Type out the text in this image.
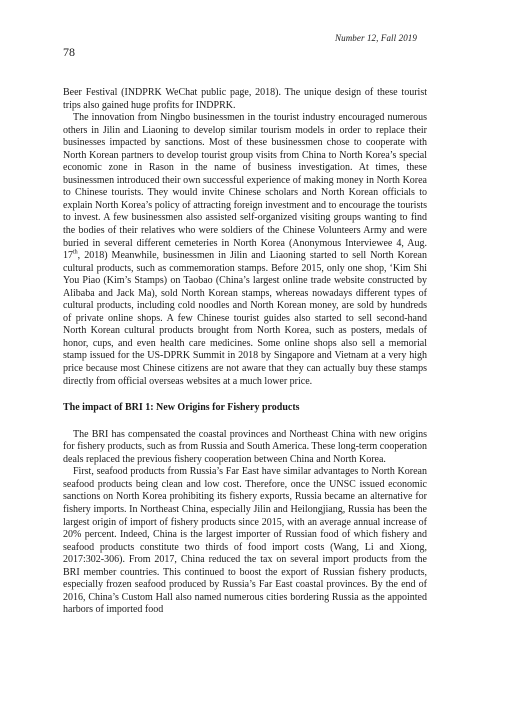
Number 12, Fall 2019
78

Beer Festival (INDPRK WeChat public page, 2018). The unique design of these tourist trips also gained huge profits for INDPRK.

The innovation from Ningbo businessmen in the tourist industry encouraged numerous others in Jilin and Liaoning to develop similar tourism models in order to replace their businesses impacted by sanctions. Most of these businessmen chose to cooperate with North Korean partners to develop tourist group visits from China to North Korea’s special economic zone in Rason in the name of business investigation. At times, these businessmen introduced their own successful experience of making money in North Korea to Chinese tourists. They would invite Chinese scholars and North Korean officials to explain North Korea’s policy of attracting foreign investment and to encourage the tourists to invest. A few businessmen also assisted self-organized visiting groups wanting to find the bodies of their relatives who were soldiers of the Chinese Volunteers Army and were buried in several different cemeteries in North Korea (Anonymous Interviewee 4, Aug. 17th, 2018) Meanwhile, businessmen in Jilin and Liaoning started to sell North Korean cultural products, such as commemoration stamps. Before 2015, only one shop, ‘Kim Shi You Piao (Kim’s Stamps) on Taobao (China’s largest online trade website constructed by Alibaba and Jack Ma), sold North Korean stamps, whereas nowadays different types of cultural products, including cold noodles and North Korean money, are sold by hundreds of private online shops. A few Chinese tourist guides also started to sell second-hand North Korean cultural products brought from North Korea, such as posters, medals of honor, cups, and even health care medicines. Some online shops also sell a memorial stamp issued for the US-DPRK Summit in 2018 by Singapore and Vietnam at a very high price because most Chinese citizens are not aware that they can actually buy these stamps directly from official overseas websites at a much lower price.

The impact of BRI 1: New Origins for Fishery products

The BRI has compensated the coastal provinces and Northeast China with new origins for fishery products, such as from Russia and South America. These long-term cooperation deals replaced the previous fishery cooperation between China and North Korea.

First, seafood products from Russia’s Far East have similar advantages to North Korean seafood products being clean and low cost. Therefore, once the UNSC issued economic sanctions on North Korea prohibiting its fishery exports, Russia became an alternative for fishery imports. In Northeast China, especially Jilin and Heilongjiang, Russia has been the largest origin of import of fishery products since 2015, with an average annual increase of 20% percent. Indeed, China is the largest importer of Russian food of which fishery and seafood products constitute two thirds of food import costs (Wang, Li and Xiong, 2017:302-306). From 2017, China reduced the tax on several import products from the BRI member countries. This continued to boost the export of Russian fishery products, especially frozen seafood produced by Russia’s Far East coastal provinces. By the end of 2016, China’s Custom Hall also named numerous cities bordering Russia as the appointed harbors of imported food
